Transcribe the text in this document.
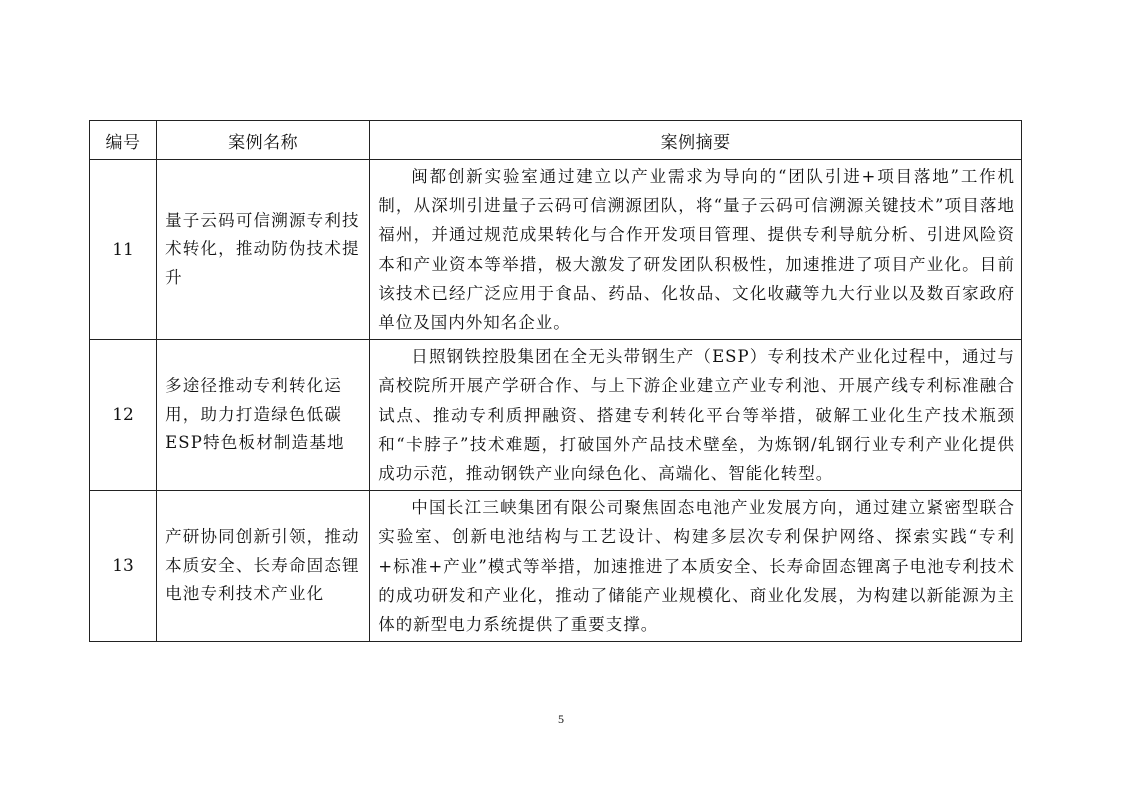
编号	案例名称	案例摘要
11	量子云码可信溯源专利技术转化，推动防伪技术提升	闽都创新实验室通过建立以产业需求为导向的“团队引进+项目落地”工作机制，从深圳引进量子云码可信溯源团队，将“量子云码可信溯源关键技术”项目落地福州，并通过规范成果转化与合作开发项目管理、提供专利导航分析、引进风险资本和产业资本等举措，极大激发了研发团队积极性，加速推进了项目产业化。目前该技术已经广泛应用于食品、药品、化妆品、文化收藏等九大行业以及数百家政府单位及国内外知名企业。
12	多途径推动专利转化运用，助力打造绿色低碳ESP特色板材制造基地	日照钢铁控股集团在全无头带钢生产（ESP）专利技术产业化过程中，通过与高校院所开展产学研合作、与上下游企业建立产业专利池、开展产线专利标准融合试点、推动专利质押融资、搭建专利转化平台等举措，破解工业化生产技术瓶颈和“卡脖子”技术难题，打破国外产品技术壁垒，为炼钢/轧钢行业专利产业化提供成功示范，推动钢铁产业向绿色化、高端化、智能化转型。
13	产研协同创新引领，推动本质安全、长寿命固态锂电池专利技术产业化	中国长江三峡集团有限公司聚焦固态电池产业发展方向，通过建立紧密型联合实验室、创新电池结构与工艺设计、构建多层次专利保护网络、探索实践“专利+标准+产业”模式等举措，加速推进了本质安全、长寿命固态锂离子电池专利技术的成功研发和产业化，推动了储能产业规模化、商业化发展，为构建以新能源为主体的新型电力系统提供了重要支撑。
5
